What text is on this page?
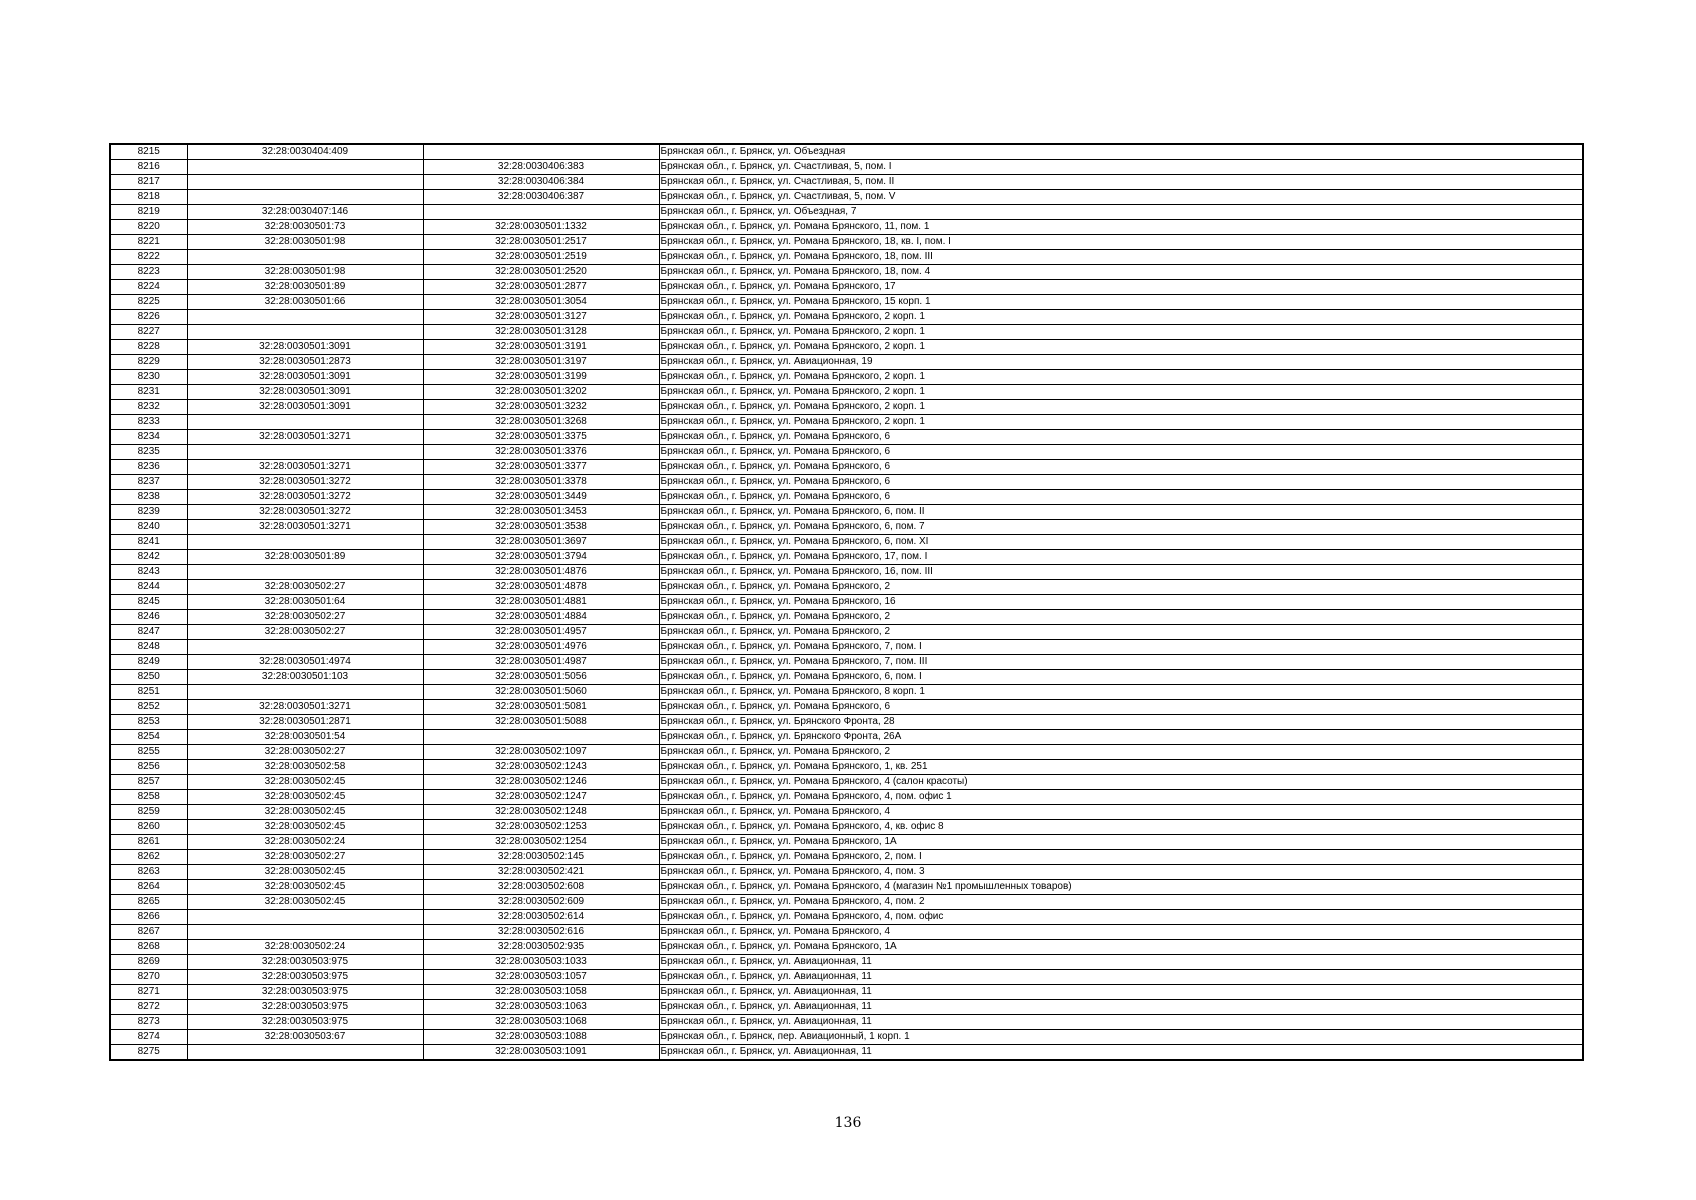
8215	32:28:0030404:409		Брянская обл., г. Брянск, ул. Объездная
8216		32:28:0030406:383	Брянская обл., г. Брянск, ул. Счастливая, 5, пом. I
8217		32:28:0030406:384	Брянская обл., г. Брянск, ул. Счастливая, 5, пом. II
8218		32:28:0030406:387	Брянская обл., г. Брянск, ул. Счастливая, 5, пом. V
8219	32:28:0030407:146		Брянская обл., г. Брянск, ул. Объездная, 7
8220	32:28:0030501:73	32:28:0030501:1332	Брянская обл., г. Брянск, ул. Романа Брянского, 11, пом. 1
8221	32:28:0030501:98	32:28:0030501:2517	Брянская обл., г. Брянск, ул. Романа Брянского, 18, кв. I, пом. I
8222		32:28:0030501:2519	Брянская обл., г. Брянск, ул. Романа Брянского, 18, пом. III
8223	32:28:0030501:98	32:28:0030501:2520	Брянская обл., г. Брянск, ул. Романа Брянского, 18, пом. 4
8224	32:28:0030501:89	32:28:0030501:2877	Брянская обл., г. Брянск, ул. Романа Брянского, 17
8225	32:28:0030501:66	32:28:0030501:3054	Брянская обл., г. Брянск, ул. Романа Брянского, 15 корп. 1
8226		32:28:0030501:3127	Брянская обл., г. Брянск, ул. Романа Брянского, 2 корп. 1
8227		32:28:0030501:3128	Брянская обл., г. Брянск, ул. Романа Брянского, 2 корп. 1
8228	32:28:0030501:3091	32:28:0030501:3191	Брянская обл., г. Брянск, ул. Романа Брянского, 2 корп. 1
8229	32:28:0030501:2873	32:28:0030501:3197	Брянская обл., г. Брянск, ул. Авиационная, 19
8230	32:28:0030501:3091	32:28:0030501:3199	Брянская обл., г. Брянск, ул. Романа Брянского, 2 корп. 1
8231	32:28:0030501:3091	32:28:0030501:3202	Брянская обл., г. Брянск, ул. Романа Брянского, 2 корп. 1
8232	32:28:0030501:3091	32:28:0030501:3232	Брянская обл., г. Брянск, ул. Романа Брянского, 2 корп. 1
8233		32:28:0030501:3268	Брянская обл., г. Брянск, ул. Романа Брянского, 2 корп. 1
8234	32:28:0030501:3271	32:28:0030501:3375	Брянская обл., г. Брянск, ул. Романа Брянского, 6
8235		32:28:0030501:3376	Брянская обл., г. Брянск, ул. Романа Брянского, 6
8236	32:28:0030501:3271	32:28:0030501:3377	Брянская обл., г. Брянск, ул. Романа Брянского, 6
8237	32:28:0030501:3272	32:28:0030501:3378	Брянская обл., г. Брянск, ул. Романа Брянского, 6
8238	32:28:0030501:3272	32:28:0030501:3449	Брянская обл., г. Брянск, ул. Романа Брянского, 6
8239	32:28:0030501:3272	32:28:0030501:3453	Брянская обл., г. Брянск, ул. Романа Брянского, 6, пом. II
8240	32:28:0030501:3271	32:28:0030501:3538	Брянская обл., г. Брянск, ул. Романа Брянского, 6, пом. 7
8241		32:28:0030501:3697	Брянская обл., г. Брянск, ул. Романа Брянского, 6, пом. XI
8242	32:28:0030501:89	32:28:0030501:3794	Брянская обл., г. Брянск, ул. Романа Брянского, 17, пом. I
8243		32:28:0030501:4876	Брянская обл., г. Брянск, ул. Романа Брянского, 16, пом. III
8244	32:28:0030502:27	32:28:0030501:4878	Брянская обл., г. Брянск, ул. Романа Брянского, 2
8245	32:28:0030501:64	32:28:0030501:4881	Брянская обл., г. Брянск, ул. Романа Брянского, 16
8246	32:28:0030502:27	32:28:0030501:4884	Брянская обл., г. Брянск, ул. Романа Брянского, 2
8247	32:28:0030502:27	32:28:0030501:4957	Брянская обл., г. Брянск, ул. Романа Брянского, 2
8248		32:28:0030501:4976	Брянская обл., г. Брянск, ул. Романа Брянского, 7, пом. I
8249	32:28:0030501:4974	32:28:0030501:4987	Брянская обл., г. Брянск, ул. Романа Брянского, 7, пом. III
8250	32:28:0030501:103	32:28:0030501:5056	Брянская обл., г. Брянск, ул. Романа Брянского, 6, пом. I
8251		32:28:0030501:5060	Брянская обл., г. Брянск, ул. Романа Брянского, 8 корп. 1
8252	32:28:0030501:3271	32:28:0030501:5081	Брянская обл., г. Брянск, ул. Романа Брянского, 6
8253	32:28:0030501:2871	32:28:0030501:5088	Брянская обл., г. Брянск, ул. Брянского Фронта, 28
8254	32:28:0030501:54		Брянская обл., г. Брянск, ул. Брянского Фронта, 26А
8255	32:28:0030502:27	32:28:0030502:1097	Брянская обл., г. Брянск, ул. Романа Брянского, 2
8256	32:28:0030502:58	32:28:0030502:1243	Брянская обл., г. Брянск, ул. Романа Брянского, 1, кв. 251
8257	32:28:0030502:45	32:28:0030502:1246	Брянская обл., г. Брянск, ул. Романа Брянского, 4 (салон красоты)
8258	32:28:0030502:45	32:28:0030502:1247	Брянская обл., г. Брянск, ул. Романа Брянского, 4, пом. офис 1
8259	32:28:0030502:45	32:28:0030502:1248	Брянская обл., г. Брянск, ул. Романа Брянского, 4
8260	32:28:0030502:45	32:28:0030502:1253	Брянская обл., г. Брянск, ул. Романа Брянского, 4, кв. офис 8
8261	32:28:0030502:24	32:28:0030502:1254	Брянская обл., г. Брянск, ул. Романа Брянского, 1А
8262	32:28:0030502:27	32:28:0030502:145	Брянская обл., г. Брянск, ул. Романа Брянского, 2, пом. I
8263	32:28:0030502:45	32:28:0030502:421	Брянская обл., г. Брянск, ул. Романа Брянского, 4, пом. 3
8264	32:28:0030502:45	32:28:0030502:608	Брянская обл., г. Брянск, ул. Романа Брянского, 4 (магазин №1 промышленных товаров)
8265	32:28:0030502:45	32:28:0030502:609	Брянская обл., г. Брянск, ул. Романа Брянского, 4, пом. 2
8266		32:28:0030502:614	Брянская обл., г. Брянск, ул. Романа Брянского, 4, пом. офис
8267		32:28:0030502:616	Брянская обл., г. Брянск, ул. Романа Брянского, 4
8268	32:28:0030502:24	32:28:0030502:935	Брянская обл., г. Брянск, ул. Романа Брянского, 1А
8269	32:28:0030503:975	32:28:0030503:1033	Брянская обл., г. Брянск, ул. Авиационная, 11
8270	32:28:0030503:975	32:28:0030503:1057	Брянская обл., г. Брянск, ул. Авиационная, 11
8271	32:28:0030503:975	32:28:0030503:1058	Брянская обл., г. Брянск, ул. Авиационная, 11
8272	32:28:0030503:975	32:28:0030503:1063	Брянская обл., г. Брянск, ул. Авиационная, 11
8273	32:28:0030503:975	32:28:0030503:1068	Брянская обл., г. Брянск, ул. Авиационная, 11
8274	32:28:0030503:67	32:28:0030503:1088	Брянская обл., г. Брянск, пер. Авиационный, 1 корп. 1
8275		32:28:0030503:1091	Брянская обл., г. Брянск, ул. Авиационная, 11
136
